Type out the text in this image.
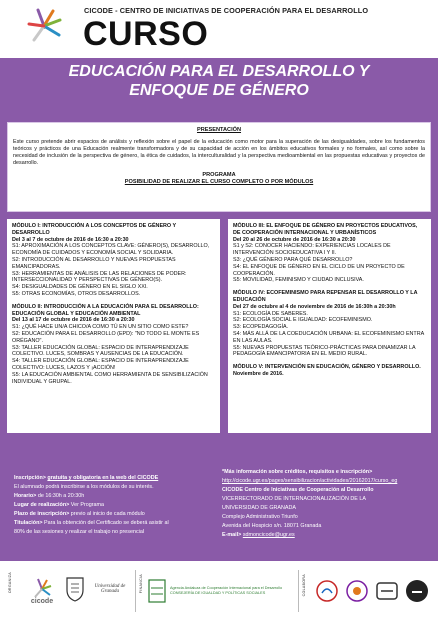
CICODE - CENTRO DE INICIATIVAS DE COOPERACIÓN PARA EL DESARROLLO
CURSO
EDUCACIÓN PARA EL DESARROLLO Y
ENFOQUE DE GÉNERO
PRESENTACIÓN
Este curso pretende abrir espacios de análisis y reflexión sobre el papel de la educación como motor para la superación de las desigualdades, sobre los fundamentos teóricos y prácticos de una Educación realmente transformadora y de su capacidad de acción en los ámbitos educativos formales y no formales, así como sobre la necesidad de inclusión de la perspectiva de género, la ética de cuidados, la interculturalidad y la perspectiva medioambiental en las propuestas educativas y proyectos de desarrollo.
PROGRAMA
POSIBILIDAD DE REALIZAR EL CURSO COMPLETO O POR MÓDULOS
MÓDULO I: INTRODUCCIÓN A LOS CONCEPTOS DE GÉNERO Y DESARROLLO
Del 3 al 7 de octubre de 2016 de 16:30 a 20:30
S1: APROXIMACIÓN A LOS CONCEPTOS CLAVE: GÉNERO(S), DESARROLLO, ECONOMÍA DE CUIDADOS Y ECONOMÍA SOCIAL Y SOLIDARIA.
S2: INTRODUCCIÓN AL DESARROLLO Y NUEVAS PROPUESTAS EMANCIPADORAS.
S3: HERRAMIENTAS DE ANÁLISIS DE LAS RELACIONES DE PODER: INTERSECCIONALIDAD Y PERSPECTIVAS DE GÉNERO(S).
S4: DESIGUALDADES DE GÉNERO EN EL SIGLO XXI.
S5: OTRAS ECONOMÍAS, OTROS DESARROLLOS.
MÓDULO II: INTRODUCCIÓN A LA EDUCACIÓN PARA EL DESARROLLO: EDUCACIÓN GLOBAL Y EDUCACIÓN AMBIENTAL
Del 13 al 17 de octubre de 2016 de 16:30 a 20:30
S1: ¿QUÉ HACE UN/A CHICO/A COMO TÚ EN UN SITIO COMO ESTE?
S2: EDUCACIÓN PARA EL DESARROLLO (EPD): "NO TODO EL MONTE ES ORÉGANO".
S3: TALLER EDUCACIÓN GLOBAL: ESPACIO DE INTERAPRENDIZAJE COLECTIVO. LUCES, SOMBRAS Y AUSENCIAS DE LA EDUCACIÓN.
S4: TALLER EDUCACIÓN GLOBAL: ESPACIO DE INTERAPRENDIZAJE COLECTIVO: LUCES, LAZOS Y ¡ACCIÓN!
S5: LA EDUCACIÓN AMBIENTAL COMO HERRAMIENTA DE SENSIBILIZACIÓN INDIVIDUAL Y GRUPAL.
MÓDULO III: EL ENFOQUE DE GÉNERO EN PROYECTOS EDUCATIVOS, DE COOPERACIÓN INTERNACIONAL Y URBANÍSTICOS
Del 20 al 26 de octubre de 2016 de 16:30 a 20:30
S1 y S2: CONOCER HACIENDO: EXPERIENCIAS LOCALES DE INTERVENCIÓN SOCIOEDUCATIVA I Y II.
S3: ¿QUÉ GÉNERO PARA QUÉ DESARROLLO?
S4: EL ENFOQUE DE GÉNERO EN EL CICLO DE UN PROYECTO DE COOPERACIÓN.
S5: MOVILIDAD, FEMINISMO Y CIUDAD INCLUSIVA.
MÓDULO IV: ECOFEMINISMO PARA REPENSAR EL DESARROLLO Y LA EDUCACIÓN
Del 27 de octubre al 4 de noviembre de 2016 de 16:30h a 20:30h
S1: ECOLOGÍA DE SABERES.
S2: ECOLOGÍA SOCIAL E IGUALDAD: ECOFEMINISMO.
S3: ECOPEDAGOGÍA.
S4: MÁS ALLÁ DE LA COEDUCACIÓN URBANA: EL ECOFEMINISMO ENTRA EN LAS AULAS.
S5: NUEVAS PROPUESTAS TEÓRICO-PRÁCTICAS PARA DINAMIZAR LA PEDAGOGÍA EMANCIPATORIA EN EL MEDIO RURAL.
MÓDULO V: INTERVENCIÓN EN EDUCACIÓN, GÉNERO Y DESARROLLO.
Noviembre de 2016.
Inscripción> gratuita y obligatoria en la web del CICODE
El alumnado podrá inscribirse a los módulos de su interés.
Horario> de 16:30h a 20:30h
Lugar de realización> Ver Programa
Plazo de inscripción> previo al inicio de cada módulo
Titulación> Para la obtención del Certificado se deberá asistir al
80% de las sesiones y realizar el trabajo no presencial
*Más información sobre créditos, requisitos e inscripción>
http://cicode.ugr.es/pages/sensibilizacion/actividades/20162017/curso_eg
CICODE Centro de Iniciativas de Cooperación al Desarrollo
VICERRECTORADO DE INTERNACIONALIZACIÓN DE LA
UNIVERSIDAD DE GRANADA
Complejo Administrativo Triunfo
Avenida del Hospicio s/n. 18071 Granada
E-mail> sdmoncicode@ugr.es
ORGANIZA
cicode
Universidad de Granada	FINANCIA	Agencia Andaluza de Cooperación Internacional para el Desarrollo
CONSEJERÍA DE IGUALDAD Y POLÍTICAS SOCIALES	COLABORA
